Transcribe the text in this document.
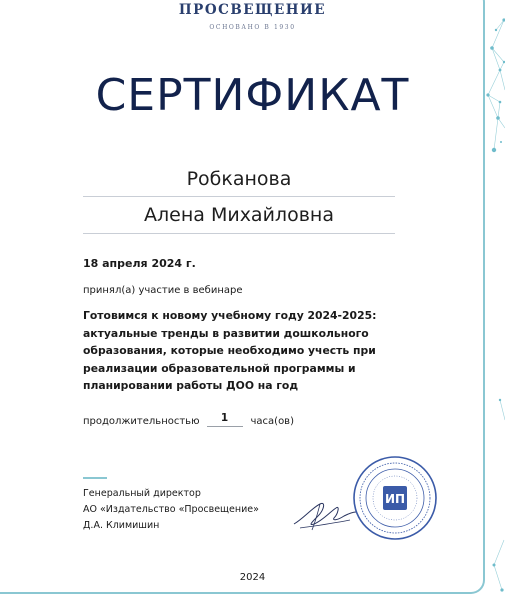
ПРОСВЕЩЕНИЕ
ОСНОВАНО В 1930
СЕРТИФИКАТ
Робканова
Алена Михайловна
18 апреля 2024 г.
принял(а) участие в вебинаре
Готовимся к новому учебному году 2024-2025:
актуальные тренды в развитии дошкольного
образования, которые необходимо учесть при
реализации образовательной программы и
планировании работы ДОО на год
продолжительностью	1	часа(ов)
Генеральный директор
АО «Издательство «Просвещение»
Д.А. Климишин
ИП
2024
